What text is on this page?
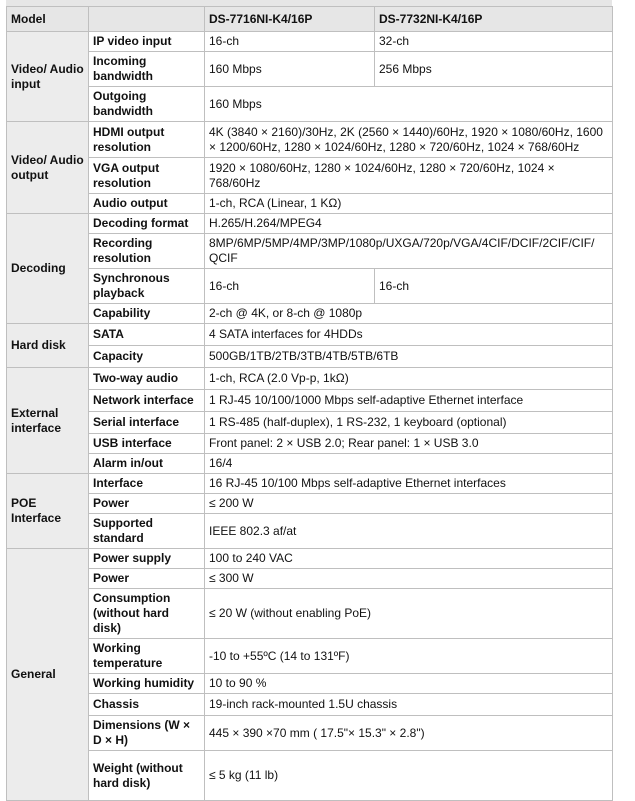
Model		DS-7716NI-K4/16P	DS-7732NI-K4/16P
Video/ Audio input	IP video input	16-ch	32-ch
	Incoming bandwidth	160 Mbps	256 Mbps
	Outgoing bandwidth	160 Mbps	
Video/ Audio output	HDMI output resolution	4K (3840 × 2160)/30Hz, 2K (2560 × 1440)/60Hz, 1920 × 1080/60Hz, 1600 × 1200/60Hz, 1280 × 1024/60Hz, 1280 × 720/60Hz, 1024 × 768/60Hz	
	VGA output resolution	1920 × 1080/60Hz, 1280 × 1024/60Hz, 1280 × 720/60Hz, 1024 × 768/60Hz	
	Audio output	1-ch, RCA (Linear, 1 KΩ)	
Decoding	Decoding format	H.265/H.264/MPEG4	
	Recording resolution	8MP/6MP/5MP/4MP/3MP/1080p/UXGA/720p/VGA/4CIF/DCIF/2CIF/CIF/ QCIF	
	Synchronous playback	16-ch	16-ch
	Capability	2-ch @ 4K, or 8-ch @ 1080p	
Hard disk	SATA	4 SATA interfaces for 4HDDs	
	Capacity	500GB/1TB/2TB/3TB/4TB/5TB/6TB	
External interface	Two-way audio	1-ch, RCA (2.0 Vp-p, 1kΩ)	
	Network interface	1 RJ-45 10/100/1000 Mbps self-adaptive Ethernet interface	
	Serial interface	1 RS-485 (half-duplex), 1 RS-232, 1 keyboard (optional)	
	USB interface	Front panel: 2 × USB 2.0; Rear panel: 1 × USB 3.0	
	Alarm in/out	16/4	
POE Interface	Interface	16 RJ-45 10/100 Mbps self-adaptive Ethernet interfaces	
	Power	≤ 200 W	
	Supported standard	IEEE 802.3 af/at	
General	Power supply	100 to 240 VAC	
	Power	≤ 300 W	
	Consumption (without hard disk)	≤ 20 W (without enabling PoE)	
	Working temperature	-10 to +55ºC (14 to 131ºF)	
	Working humidity	10 to 90 %	
	Chassis	19-inch rack-mounted 1.5U chassis	
	Dimensions (W × D × H)	445 × 390 ×70 mm ( 17.5"× 15.3" × 2.8")	
	Weight (without hard disk)	≤ 5 kg (11 lb)	
